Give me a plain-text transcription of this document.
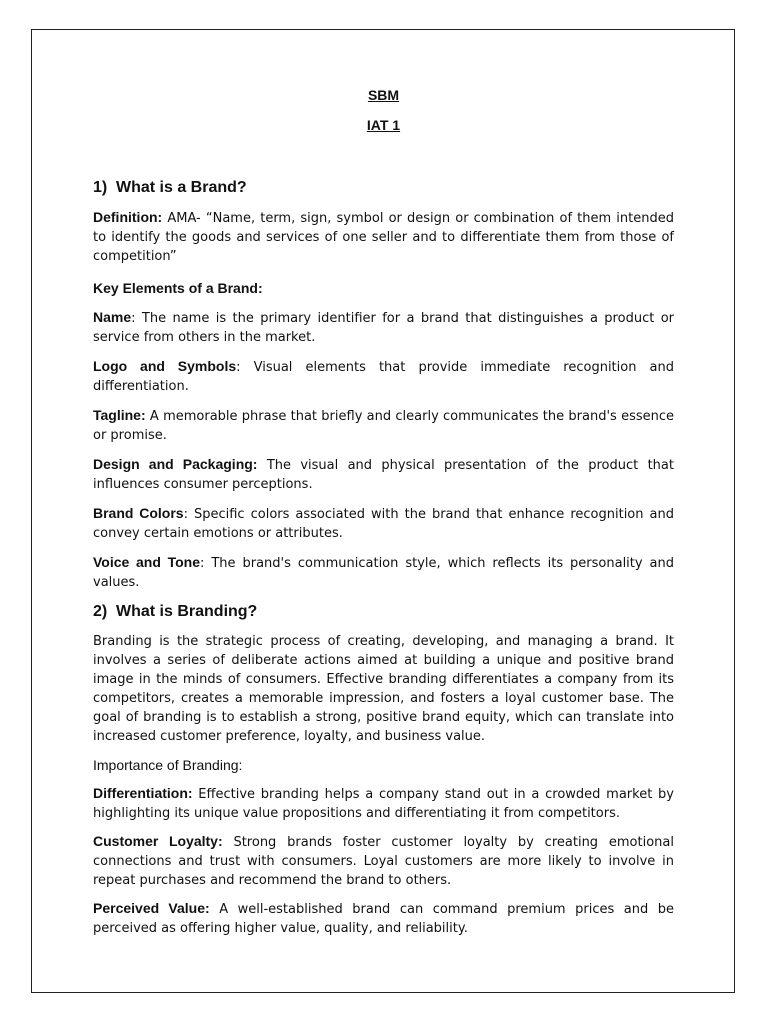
SBM

IAT 1

1) What is a Brand?

Definition: AMA- “Name, term, sign, symbol or design or combination of them intended to identify the goods and services of one seller and to differentiate them from those of competition”

Key Elements of a Brand:

Name: The name is the primary identifier for a brand that distinguishes a product or service from others in the market.

Logo and Symbols: Visual elements that provide immediate recognition and differentiation.

Tagline: A memorable phrase that briefly and clearly communicates the brand's essence or promise.

Design and Packaging: The visual and physical presentation of the product that influences consumer perceptions.

Brand Colors: Specific colors associated with the brand that enhance recognition and convey certain emotions or attributes.

Voice and Tone: The brand's communication style, which reflects its personality and values.

2) What is Branding?

Branding is the strategic process of creating, developing, and managing a brand. It involves a series of deliberate actions aimed at building a unique and positive brand image in the minds of consumers. Effective branding differentiates a company from its competitors, creates a memorable impression, and fosters a loyal customer base. The goal of branding is to establish a strong, positive brand equity, which can translate into increased customer preference, loyalty, and business value.

Importance of Branding:

Differentiation: Effective branding helps a company stand out in a crowded market by highlighting its unique value propositions and differentiating it from competitors.

Customer Loyalty: Strong brands foster customer loyalty by creating emotional connections and trust with consumers. Loyal customers are more likely to involve in repeat purchases and recommend the brand to others.

Perceived Value: A well-established brand can command premium prices and be perceived as offering higher value, quality, and reliability.
